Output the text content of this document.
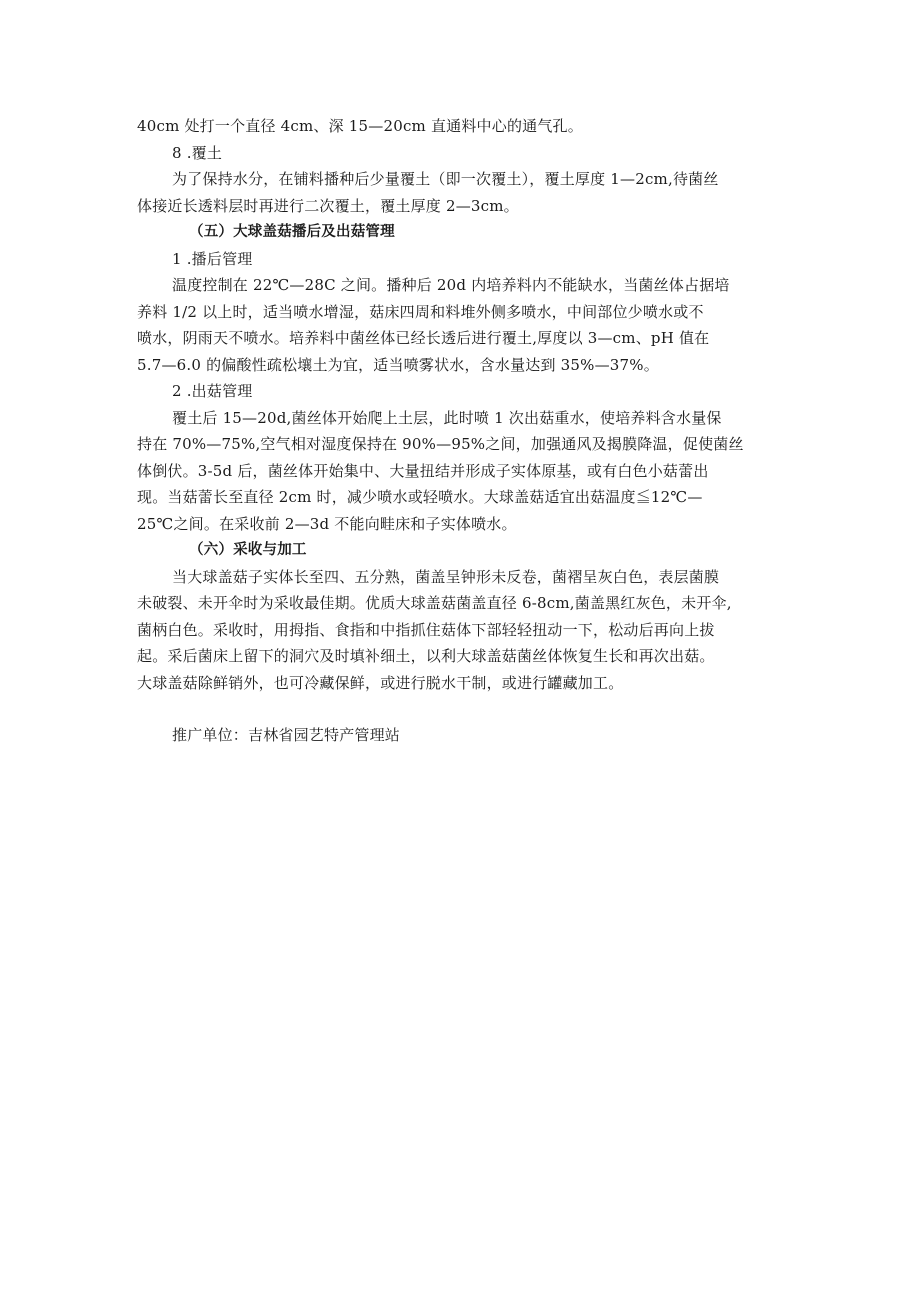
40cm 处打一个直径 4cm、深 15—20cm 直通料中心的通气孔。
8 .覆土
为了保持水分，在铺料播种后少量覆土（即一次覆土），覆土厚度 1—2cm,待菌丝
体接近长透料层时再进行二次覆土，覆土厚度 2—3cm。
（五）大球盖菇播后及出菇管理
1 .播后管理
温度控制在 22℃—28C 之间。播种后 20d 内培养料内不能缺水，当菌丝体占据培
养料 1/2 以上时，适当喷水增湿，菇床四周和料堆外侧多喷水，中间部位少喷水或不
喷水，阴雨天不喷水。培养料中菌丝体已经长透后进行覆土,厚度以 3—cm、pH 值在
5.7—6.0 的偏酸性疏松壤土为宜，适当喷雾状水，含水量达到 35%—37%。
2 .出菇管理
覆土后 15—20d,菌丝体开始爬上土层，此时喷 1 次出菇重水，使培养料含水量保
持在 70%—75%,空气相对湿度保持在 90%—95%之间，加强通风及揭膜降温，促使菌丝
体倒伏。3-5d 后，菌丝体开始集中、大量扭结并形成子实体原基，或有白色小菇蕾出
现。当菇蕾长至直径 2cm 时，减少喷水或轻喷水。大球盖菇适宜出菇温度≦12℃—
25℃之间。在采收前 2—3d 不能向畦床和子实体喷水。
（六）采收与加工
当大球盖菇子实体长至四、五分熟，菌盖呈钟形未反卷，菌褶呈灰白色，表层菌膜
未破裂、未开伞时为采收最佳期。优质大球盖菇菌盖直径 6-8cm,菌盖黑红灰色，未开伞,
菌柄白色。采收时，用拇指、食指和中指抓住菇体下部轻轻扭动一下，松动后再向上拔
起。采后菌床上留下的洞穴及时填补细土，以利大球盖菇菌丝体恢复生长和再次出菇。
大球盖菇除鲜销外，也可冷藏保鲜，或进行脱水干制，或进行罐藏加工。
推广单位：吉林省园艺特产管理站
